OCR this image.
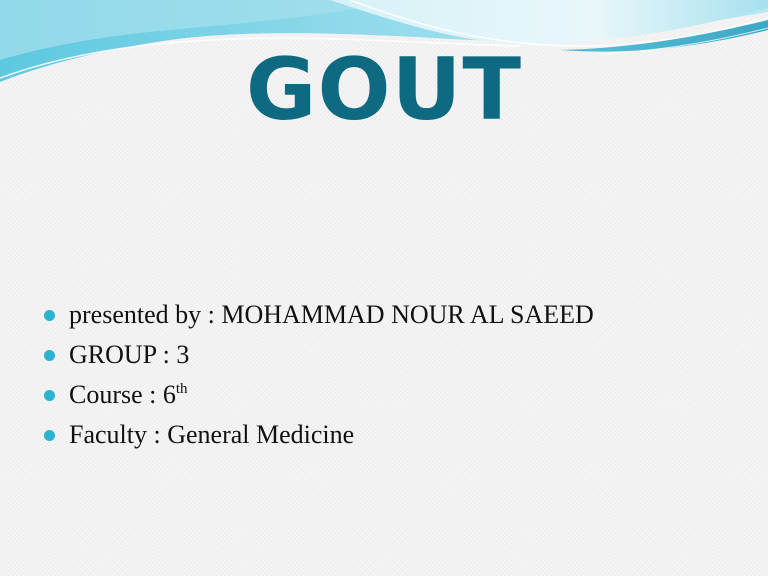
GOUT
presented by : MOHAMMAD NOUR AL SAEED
GROUP : 3
Course : 6th
Faculty : General Medicine
